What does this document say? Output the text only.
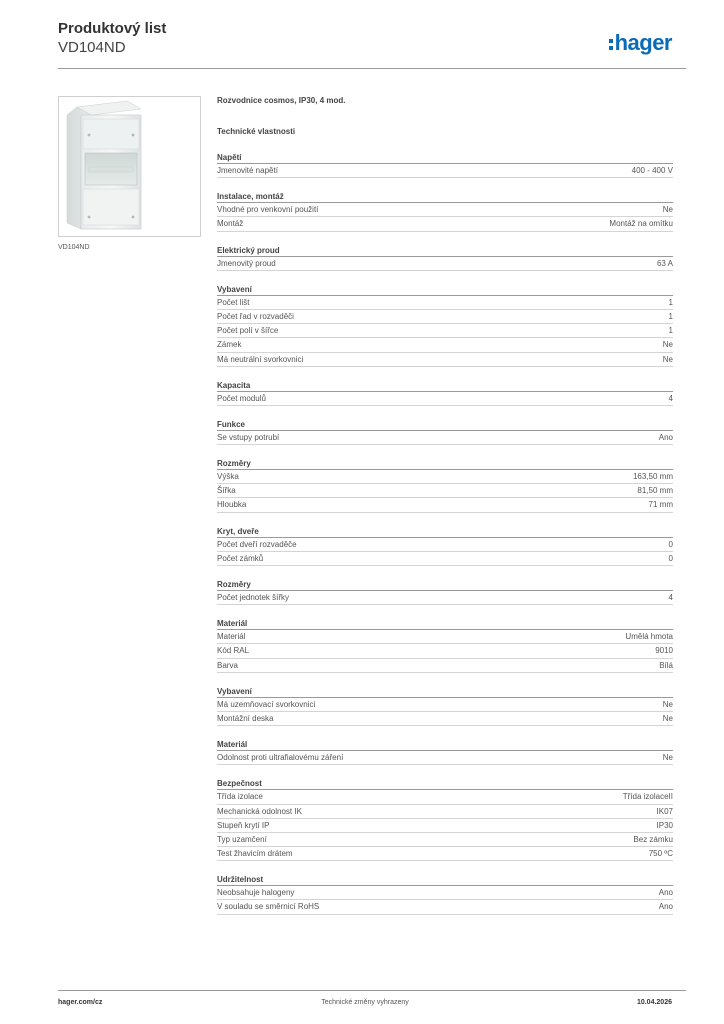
Produktový list
VD104ND	hager
VD104ND
Rozvodnice cosmos, IP30, 4 mod.
Technické vlastnosti
Napětí
Jmenovité napětí	400 - 400 V
Instalace, montáž
Vhodné pro venkovní použití	Ne
Montáž	Montáž na omítku
Elektrický proud
Jmenovitý proud	63 A
Vybavení
Počet lišt	1
Počet řad v rozvaděči	1
Počet polí v šířce	1
Zámek	Ne
Má neutrální svorkovnici	Ne
Kapacita
Počet modulů	4
Funkce
Se vstupy potrubí	Ano
Rozměry
Výška	163,50 mm
Šířka	81,50 mm
Hloubka	71 mm
Kryt, dveře
Počet dveří rozvaděče	0
Počet zámků	0
Rozměry
Počet jednotek šířky	4
Materiál
Materiál	Umělá hmota
Kód RAL	9010
Barva	Bílá
Vybavení
Má uzemňovací svorkovnici	Ne
Montážní deska	Ne
Materiál
Odolnost proti ultrafialovému záření	Ne
Bezpečnost
Třída izolace	Třída izolaceII
Mechanická odolnost IK	IK07
Stupeň krytí IP	IP30
Typ uzamčení	Bez zámku
Test žhavicím drátem	750 ºC
Udržitelnost
Neobsahuje halogeny	Ano
V souladu se směrnicí RoHS	Ano
hager.com/cz	Technické změny vyhrazeny	10.04.2026
